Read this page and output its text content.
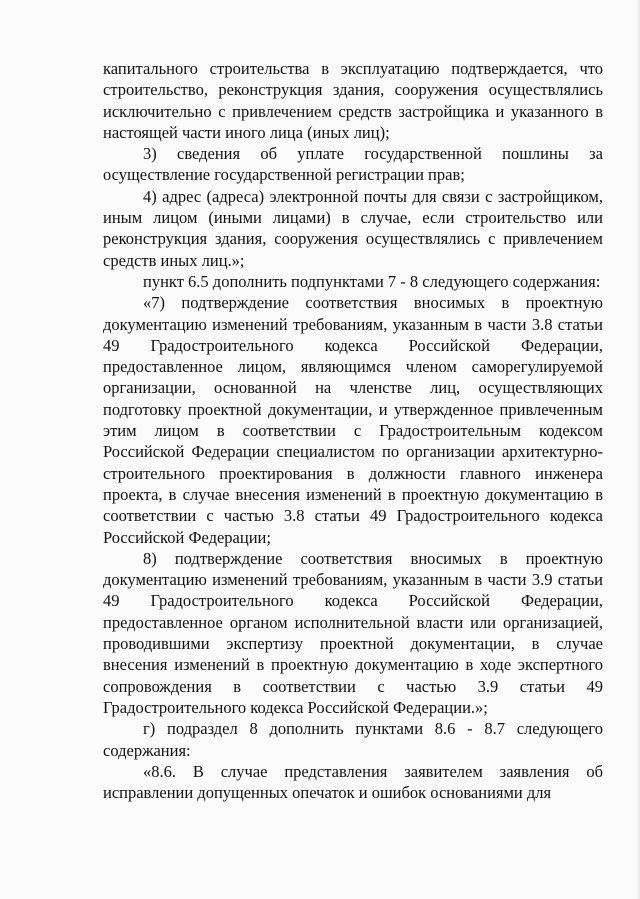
капитального строительства в эксплуатацию подтверждается, что строительство, реконструкция здания, сооружения осуществлялись исключительно с привлечением средств застройщика и указанного в настоящей части иного лица (иных лиц);

3) сведения об уплате государственной пошлины за осуществление государственной регистрации прав;

4) адрес (адреса) электронной почты для связи с застройщиком, иным лицом (иными лицами) в случае, если строительство или реконструкция здания, сооружения осуществлялись с привлечением средств иных лиц.»;

пункт 6.5 дополнить подпунктами 7 - 8 следующего содержания:

«7) подтверждение соответствия вносимых в проектную документацию изменений требованиям, указанным в части 3.8 статьи 49 Градостроительного кодекса Российской Федерации, предоставленное лицом, являющимся членом саморегулируемой организации, основанной на членстве лиц, осуществляющих подготовку проектной документации, и утвержденное привлеченным этим лицом в соответствии с Градостроительным кодексом Российской Федерации специалистом по организации архитектурно-строительного проектирования в должности главного инженера проекта, в случае внесения изменений в проектную документацию в соответствии с частью 3.8 статьи 49 Градостроительного кодекса Российской Федерации;

8) подтверждение соответствия вносимых в проектную документацию изменений требованиям, указанным в части 3.9 статьи 49 Градостроительного кодекса Российской Федерации, предоставленное органом исполнительной власти или организацией, проводившими экспертизу проектной документации, в случае внесения изменений в проектную документацию в ходе экспертного сопровождения в соответствии с частью 3.9 статьи 49 Градостроительного кодекса Российской Федерации.»;

г) подраздел 8 дополнить пунктами 8.6 - 8.7 следующего содержания:

«8.6. В случае представления заявителем заявления об исправлении допущенных опечаток и ошибок основаниями для
